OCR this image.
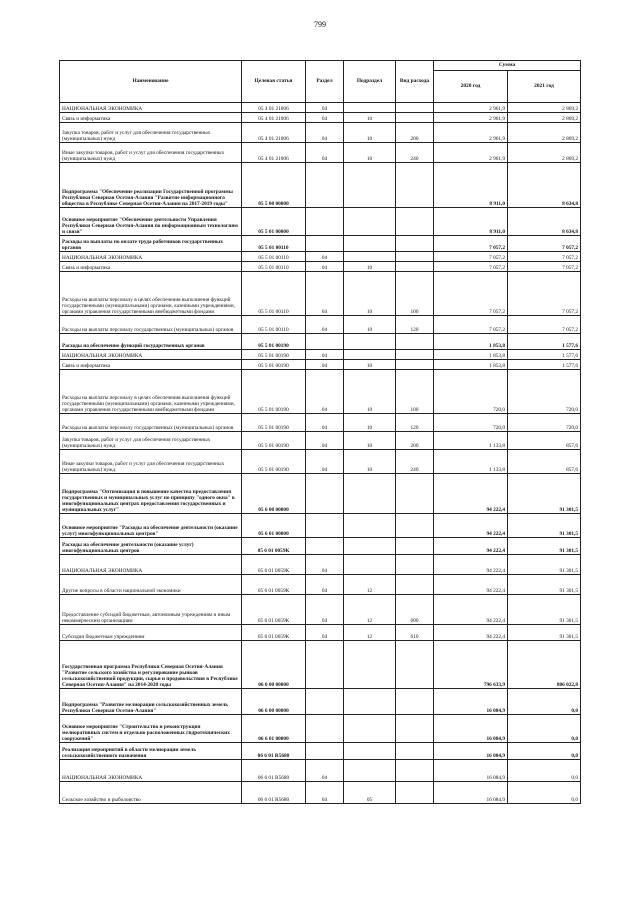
799
Наименование	Целевая статья	Раздел	Подраздел	Вид расхода	Сумма	
					2020 год	2021 год
НАЦИОНАЛЬНАЯ ЭКОНОМИКА	05 4 01 21006	04			2 961,9	2 869,2
Связь и информатика	05 4 01 21006	04	10		2 961,9	2 869,2
Закупка товаров, работ и услуг для обеспечения государственных (муниципальных) нужд	05 4 01 21006	04	10	200	2 961,9	2 869,2
Иные закупки товаров, работ и услуг для обеспечения государственных (муниципальных) нужд	05 4 01 21006	04	10	240	2 961,9	2 869,2
Подпрограмма "Обеспечение реализации Государственной программы Республики Северная Осетия-Алания "Развитие информационного общества в Республике Северная Осетия-Алания на 2017-2019 годы"	05 5 00 00000				8 911,0	8 634,8
Основное мероприятие "Обеспечение деятельности Управления Республики Северная Осетия-Алания по информационным технологиям и связи"	05 5 01 00000				8 911,0	8 634,8
Расходы на выплаты по оплате труда работников государственных органов	05 5 01 00110				7 057,2	7 057,2
НАЦИОНАЛЬНАЯ ЭКОНОМИКА	05 5 01 00110	04			7 057,2	7 057,2
Связь и информатика	05 5 01 00110	04	10		7 057,2	7 057,2
Расходы на выплаты персоналу в целях обеспечения выполнения функций государственными (муниципальными) органами, казенными учреждениями, органами управления государственными внебюджетными фондами	05 5 01 00110	04	10	100	7 057,2	7 057,2
Расходы на выплаты персоналу государственных (муниципальных) органов	05 5 01 00110	04	10	120	7 057,2	7 057,2
Расходы на обеспечение функций государственных органов	05 5 01 00190				1 853,8	1 577,6
НАЦИОНАЛЬНАЯ ЭКОНОМИКА	05 5 01 00190	04			1 853,8	1 577,6
Связь и информатика	05 5 01 00190	04	10		1 853,8	1 577,6
Расходы на выплаты персоналу в целях обеспечения выполнения функций государственными (муниципальными) органами, казенными учреждениями, органами управления государственными внебюджетными фондами	05 5 01 00190	04	10	100	720,0	720,0
Расходы на выплаты персоналу государственных (муниципальных) органов	05 5 01 00190	04	10	120	720,0	720,0
Закупка товаров, работ и услуг для обеспечения государственных (муниципальных) нужд	05 5 01 00190	04	10	200	1 133,8	857,6
Иные закупки товаров, работ и услуг для обеспечения государственных (муниципальных) нужд	05 5 01 00190	04	10	240	1 133,8	857,6
Подпрограмма "Оптимизация и повышение качества предоставления государственных и муниципальных услуг по принципу "одного окна" в многофункциональных центрах предоставления государственных и муниципальных услуг"	05 6 00 00000				94 222,4	91 301,5
Основное мероприятие "Расходы на обеспечение деятельности (оказание услуг) многофункциональных центров"	05 6 01 00000				94 222,4	91 301,5
Расходы на обеспечение деятельности (оказание услуг) многофункциональных центров	05 6 01 0059К				94 222,4	91 301,5
НАЦИОНАЛЬНАЯ ЭКОНОМИКА	05 6 01 0059К	04			94 222,4	91 301,5
Другие вопросы в области национальной экономики	05 6 01 0059К	04	12		94 222,4	91 301,5
Предоставление субсидий бюджетным, автономным учреждениям и иным некоммерческим организациям	05 6 01 0059К	04	12	600	94 222,4	91 301,5
Субсидии бюджетным учреждениям	05 6 01 0059К	04	12	610	94 222,4	91 301,5
Государственная программа Республики Северная Осетия-Алания "Развитие сельского хозяйства и регулирование рынков сельскохозяйственной продукции, сырья и продовольствия в Республике Северная Осетия-Алания" на 2014-2020 годы	06 0 00 00000				796 633,9	806 022,8
Подпрограмма "Развитие мелиорации сельскохозяйственных земель Республики Северная Осетия-Алания"	06 6 00 00000				16 084,9	0,0
Основное мероприятие "Строительство и реконструкция мелиоративных систем и отдельно расположенных гидротехнических сооружений"	06 6 01 00000				16 084,9	0,0
Реализация мероприятий в области мелиорации земель сельскохозяйственного назначения	06 6 01 R5680				16 084,9	0,0
НАЦИОНАЛЬНАЯ ЭКОНОМИКА	06 6 01 R5680	04			16 084,9	0,0
Сельское хозяйство и рыболовство	06 6 01 R5680	04	05		16 084,9	0,0
